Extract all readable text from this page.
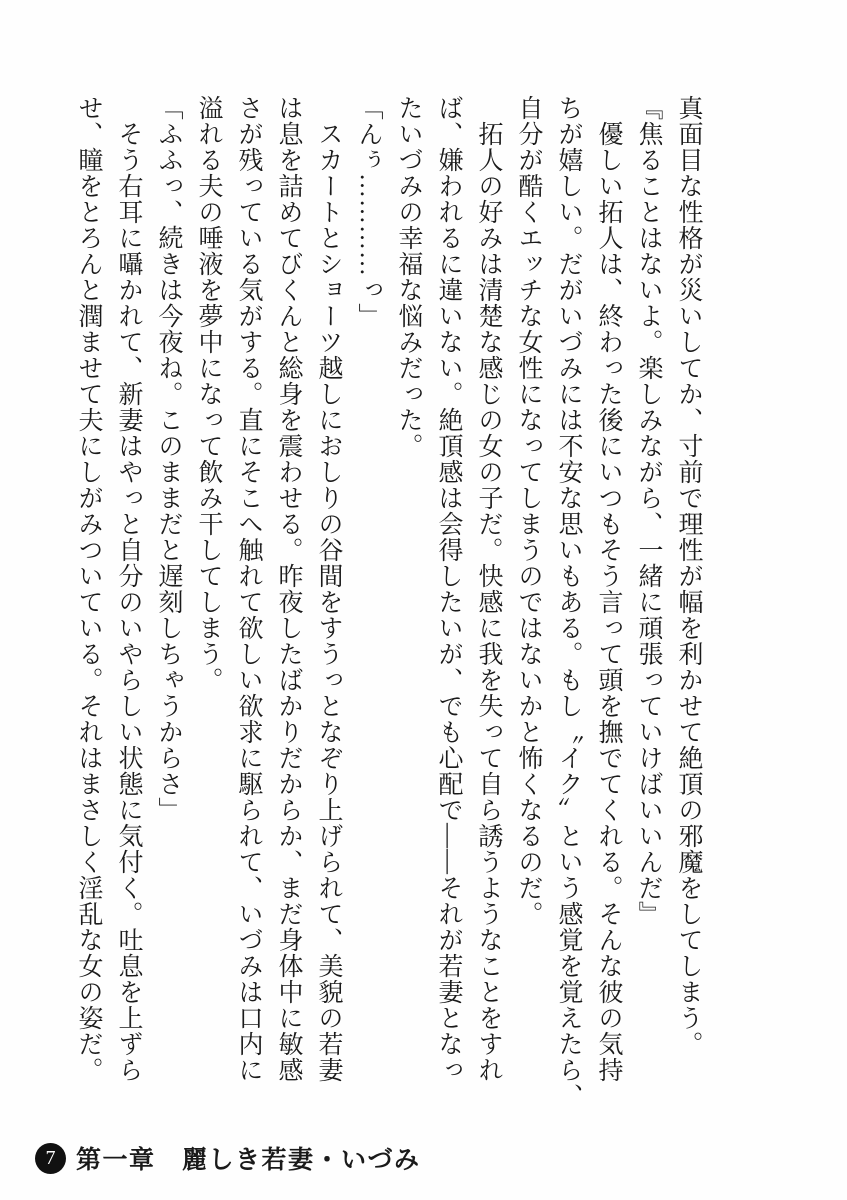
真面目な性格が災いしてか、寸前で理性が幅を利かせて絶頂の邪魔をしてしまう。
『焦ることはないよ。楽しみながら、一緒に頑張っていけばいいんだ』
　優しい拓人は、終わった後にいつもそう言って頭を撫でてくれる。そんな彼の気持
ちが嬉しい。だがいづみには不安な思いもある。もし〝イク〟という感覚を覚えたら、
自分が酷くエッチな女性になってしまうのではないかと怖くなるのだ。
　拓人の好みは清楚な感じの女の子だ。快感に我を失って自ら誘うようなことをすれ
ば、嫌われるに違いない。絶頂感は会得したいが、でも心配で――それが若妻となっ
たいづみの幸福な悩みだった。
「んぅ…………っ」
　スカートとショーツ越しにおしりの谷間をすうっとなぞり上げられて、美貌の若妻
は息を詰めてびくんと総身を震わせる。昨夜したばかりだからか、まだ身体中に敏感
さが残っている気がする。直にそこへ触れて欲しい欲求に駆られて、いづみは口内に
溢れる夫の唾液を夢中になって飲み干してしまう。
「ふふっ、続きは今夜ね。このままだと遅刻しちゃうからさ」
　そう右耳に囁かれて、新妻はやっと自分のいやらしい状態に気付く。吐息を上ずら
せ、瞳をとろんと潤ませて夫にしがみついている。それはまさしく淫乱な女の姿だ。
7 第一章　麗しき若妻・いづみ
